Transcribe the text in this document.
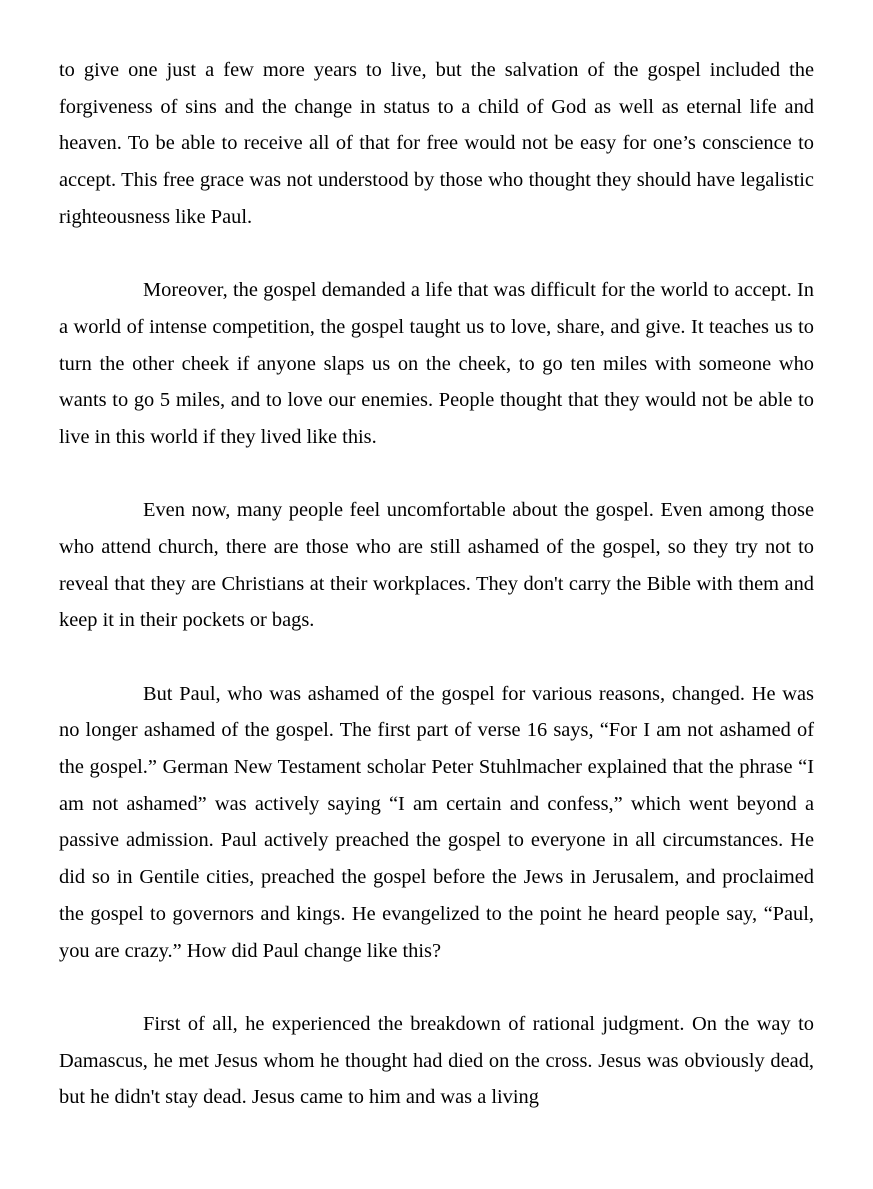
to give one just a few more years to live, but the salvation of the gospel included the forgiveness of sins and the change in status to a child of God as well as eternal life and heaven. To be able to receive all of that for free would not be easy for one’s conscience to accept. This free grace was not understood by those who thought they should have legalistic righteousness like Paul.

Moreover, the gospel demanded a life that was difficult for the world to accept. In a world of intense competition, the gospel taught us to love, share, and give. It teaches us to turn the other cheek if anyone slaps us on the cheek, to go ten miles with someone who wants to go 5 miles, and to love our enemies. People thought that they would not be able to live in this world if they lived like this.

Even now, many people feel uncomfortable about the gospel. Even among those who attend church, there are those who are still ashamed of the gospel, so they try not to reveal that they are Christians at their workplaces. They don't carry the Bible with them and keep it in their pockets or bags.

But Paul, who was ashamed of the gospel for various reasons, changed. He was no longer ashamed of the gospel. The first part of verse 16 says, “For I am not ashamed of the gospel.” German New Testament scholar Peter Stuhlmacher explained that the phrase “I am not ashamed” was actively saying “I am certain and confess,” which went beyond a passive admission. Paul actively preached the gospel to everyone in all circumstances. He did so in Gentile cities, preached the gospel before the Jews in Jerusalem, and proclaimed the gospel to governors and kings. He evangelized to the point he heard people say, “Paul, you are crazy.” How did Paul change like this?

First of all, he experienced the breakdown of rational judgment. On the way to Damascus, he met Jesus whom he thought had died on the cross. Jesus was obviously dead, but he didn't stay dead. Jesus came to him and was a living
